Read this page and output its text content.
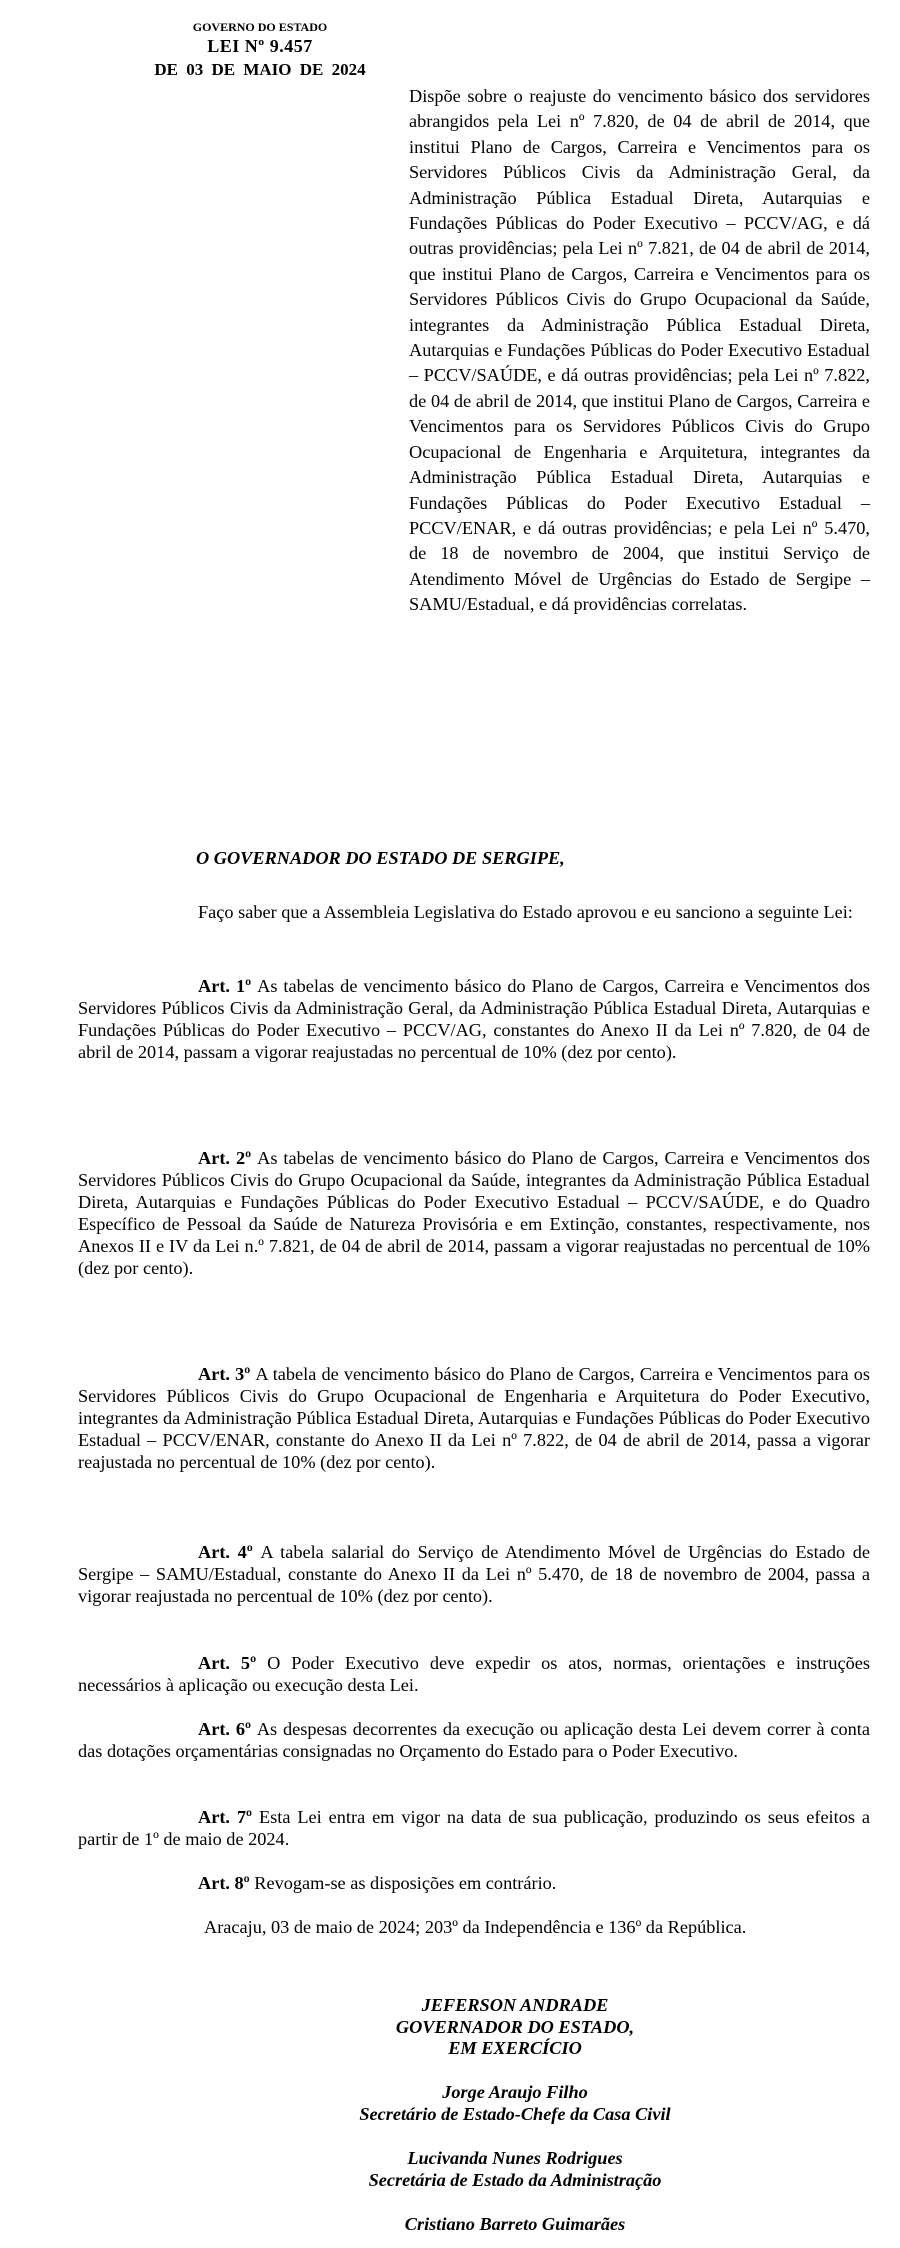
GOVERNO DO ESTADO
LEI Nº 9.457
DE 03 DE MAIO DE 2024
Dispõe sobre o reajuste do vencimento básico dos servidores abrangidos pela Lei nº 7.820, de 04 de abril de 2014, que institui Plano de Cargos, Carreira e Vencimentos para os Servidores Públicos Civis da Administração Geral, da Administração Pública Estadual Direta, Autarquias e Fundações Públicas do Poder Executivo – PCCV/AG, e dá outras providências; pela Lei nº 7.821, de 04 de abril de 2014, que institui Plano de Cargos, Carreira e Vencimentos para os Servidores Públicos Civis do Grupo Ocupacional da Saúde, integrantes da Administração Pública Estadual Direta, Autarquias e Fundações Públicas do Poder Executivo Estadual – PCCV/SAÚDE, e dá outras providências; pela Lei nº 7.822, de 04 de abril de 2014, que institui Plano de Cargos, Carreira e Vencimentos para os Servidores Públicos Civis do Grupo Ocupacional de Engenharia e Arquitetura, integrantes da Administração Pública Estadual Direta, Autarquias e Fundações Públicas do Poder Executivo Estadual – PCCV/ENAR, e dá outras providências; e pela Lei nº 5.470, de 18 de novembro de 2004, que institui Serviço de Atendimento Móvel de Urgências do Estado de Sergipe – SAMU/Estadual, e dá providências correlatas.
O GOVERNADOR DO ESTADO DE SERGIPE,
Faço saber que a Assembleia Legislativa do Estado aprovou e eu sanciono a seguinte Lei:
Art. 1º As tabelas de vencimento básico do Plano de Cargos, Carreira e Vencimentos dos Servidores Públicos Civis da Administração Geral, da Administração Pública Estadual Direta, Autarquias e Fundações Públicas do Poder Executivo – PCCV/AG, constantes do Anexo II da Lei nº 7.820, de 04 de abril de 2014, passam a vigorar reajustadas no percentual de 10% (dez por cento).
Art. 2º As tabelas de vencimento básico do Plano de Cargos, Carreira e Vencimentos dos Servidores Públicos Civis do Grupo Ocupacional da Saúde, integrantes da Administração Pública Estadual Direta, Autarquias e Fundações Públicas do Poder Executivo Estadual – PCCV/SAÚDE, e do Quadro Específico de Pessoal da Saúde de Natureza Provisória e em Extinção, constantes, respectivamente, nos Anexos II e IV da Lei n.º 7.821, de 04 de abril de 2014, passam a vigorar reajustadas no percentual de 10% (dez por cento).
Art. 3º A tabela de vencimento básico do Plano de Cargos, Carreira e Vencimentos para os Servidores Públicos Civis do Grupo Ocupacional de Engenharia e Arquitetura do Poder Executivo, integrantes da Administração Pública Estadual Direta, Autarquias e Fundações Públicas do Poder Executivo Estadual – PCCV/ENAR, constante do Anexo II da Lei nº 7.822, de 04 de abril de 2014, passa a vigorar reajustada no percentual de 10% (dez por cento).
Art. 4º A tabela salarial do Serviço de Atendimento Móvel de Urgências do Estado de Sergipe – SAMU/Estadual, constante do Anexo II da Lei nº 5.470, de 18 de novembro de 2004, passa a vigorar reajustada no percentual de 10% (dez por cento).
Art. 5º O Poder Executivo deve expedir os atos, normas, orientações e instruções necessários à aplicação ou execução desta Lei.
Art. 6º As despesas decorrentes da execução ou aplicação desta Lei devem correr à conta das dotações orçamentárias consignadas no Orçamento do Estado para o Poder Executivo.
Art. 7º Esta Lei entra em vigor na data de sua publicação, produzindo os seus efeitos a partir de 1º de maio de 2024.
Art. 8º Revogam-se as disposições em contrário.
Aracaju, 03 de maio de 2024; 203º da Independência e 136º da República.
JEFERSON ANDRADE
GOVERNADOR DO ESTADO,
EM EXERCÍCIO
Jorge Araujo Filho
Secretário de Estado-Chefe da Casa Civil
Lucivanda Nunes Rodrigues
Secretária de Estado da Administração
Cristiano Barreto Guimarães
